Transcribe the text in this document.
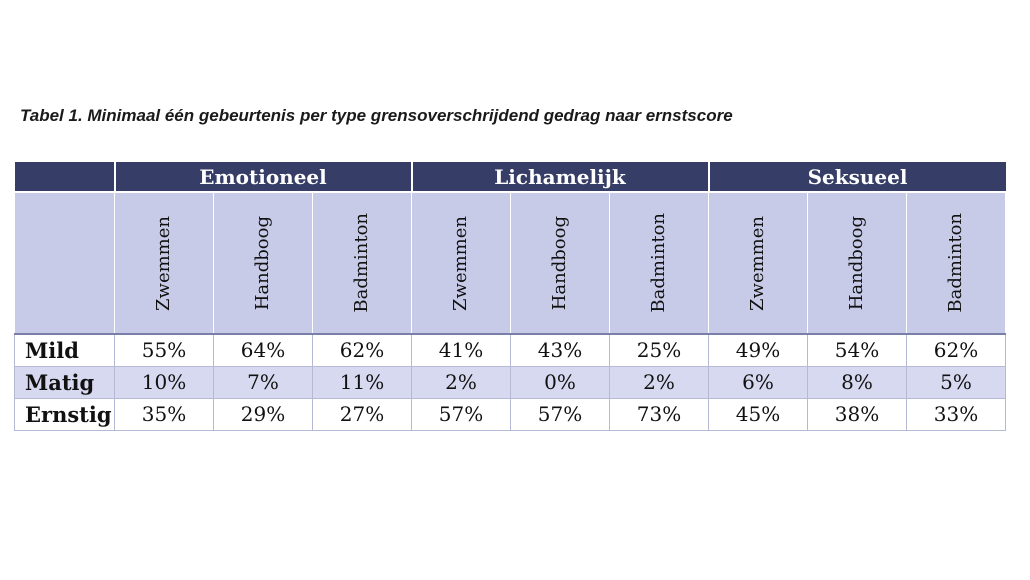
Tabel 1. Minimaal één gebeurtenis per type grensoverschrijdend gedrag naar ernstscore
	Emotioneel			Lichamelijk			Seksueel		

	Zwemmen	Handboog	Badminton	Zwemmen	Handboog	Badminton	Zwemmen	Handboog	Badminton

Mild	55%	64%	62%	41%	43%	25%	49%	54%	62%
Matig	10%	7%	11%	2%	0%	2%	6%	8%	5%
Ernstig	35%	29%	27%	57%	57%	73%	45%	38%	33%
